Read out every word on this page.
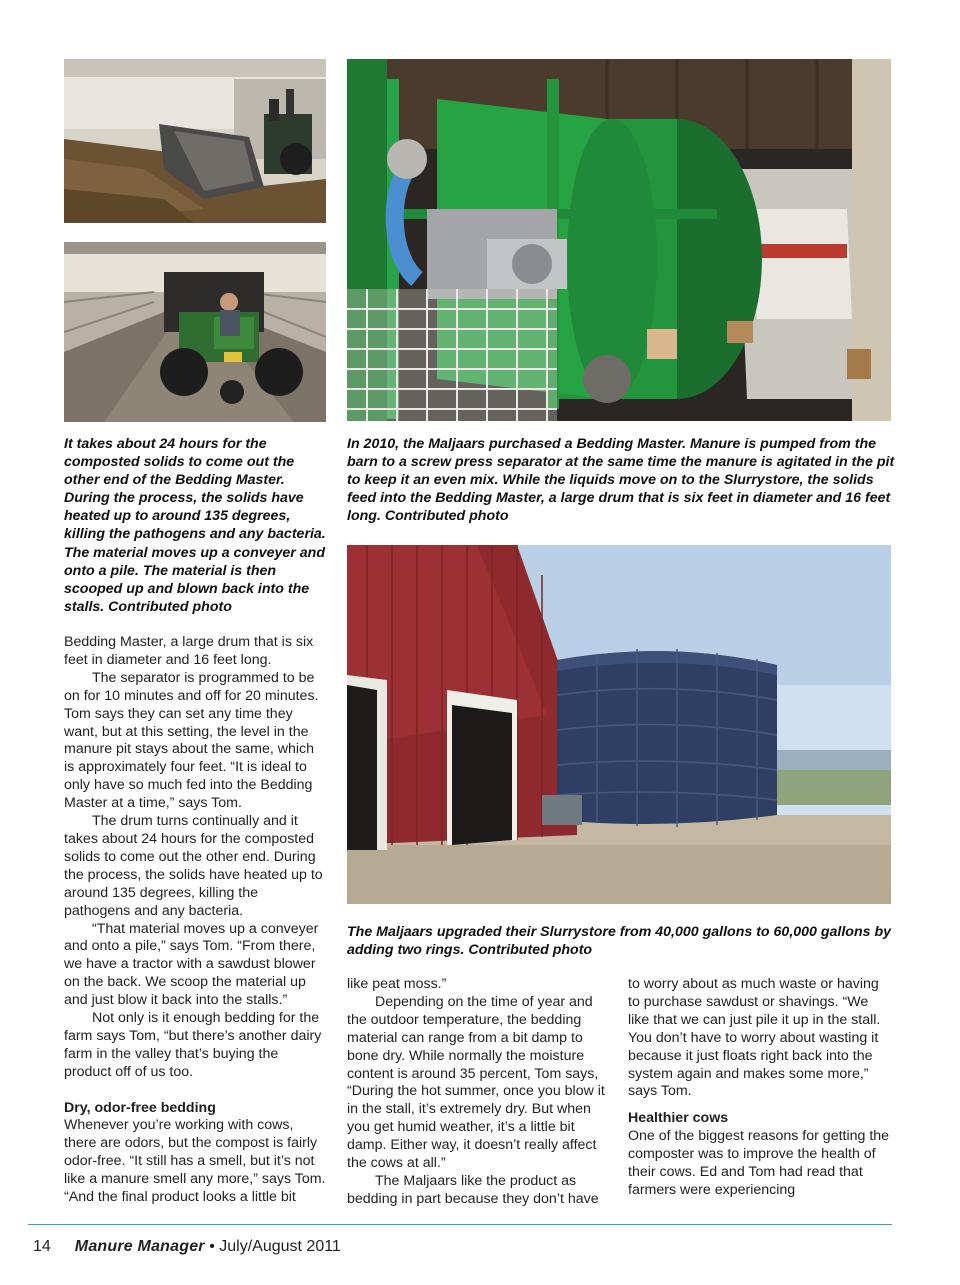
It takes about 24 hours for the composted solids to come out the other end of the Bedding Master. During the process, the solids have heated up to around 135 degrees, killing the pathogens and any bacteria. The material moves up a conveyer and onto a pile. The material is then scooped up and blown back into the stalls. Contributed photo

In 2010, the Maljaars purchased a Bedding Master. Manure is pumped from the barn to a screw press separator at the same time the manure is agitated in the pit to keep it an even mix. While the liquids move on to the Slurrystore, the solids feed into the Bedding Master, a large drum that is six feet in diameter and 16 feet long. Contributed photo

The Maljaars upgraded their Slurrystore from 40,000 gallons to 60,000 gallons by adding two rings. Contributed photo

Bedding Master, a large drum that is six feet in diameter and 16 feet long.

The separator is programmed to be on for 10 minutes and off for 20 minutes. Tom says they can set any time they want, but at this setting, the level in the manure pit stays about the same, which is approximately four feet. “It is ideal to only have so much fed into the Bedding Master at a time,” says Tom.

The drum turns continually and it takes about 24 hours for the composted solids to come out the other end. During the process, the solids have heated up to around 135 degrees, killing the pathogens and any bacteria.

“That material moves up a conveyer and onto a pile,” says Tom. “From there, we have a tractor with a sawdust blower on the back. We scoop the material up and just blow it back into the stalls.”

Not only is it enough bedding for the farm says Tom, “but there’s another dairy farm in the valley that’s buying the product off of us too.

Dry, odor-free bedding

Whenever you’re working with cows, there are odors, but the compost is fairly odor-free. “It still has a smell, but it’s not like a manure smell any more,” says Tom. “And the final product looks a little bit

like peat moss.”

Depending on the time of year and the outdoor temperature, the bedding material can range from a bit damp to bone dry. While normally the moisture content is around 35 percent, Tom says, “During the hot summer, once you blow it in the stall, it’s extremely dry. But when you get humid weather, it’s a little bit damp. Either way, it doesn’t really affect the cows at all.”

The Maljaars like the product as bedding in part because they don’t have

to worry about as much waste or having to purchase sawdust or shavings. “We like that we can just pile it up in the stall. You don’t have to worry about wasting it because it just floats right back into the system again and makes some more,” says Tom.

Healthier cows

One of the biggest reasons for getting the composter was to improve the health of their cows. Ed and Tom had read that farmers were experiencing

14 Manure Manager • July/August 2011
